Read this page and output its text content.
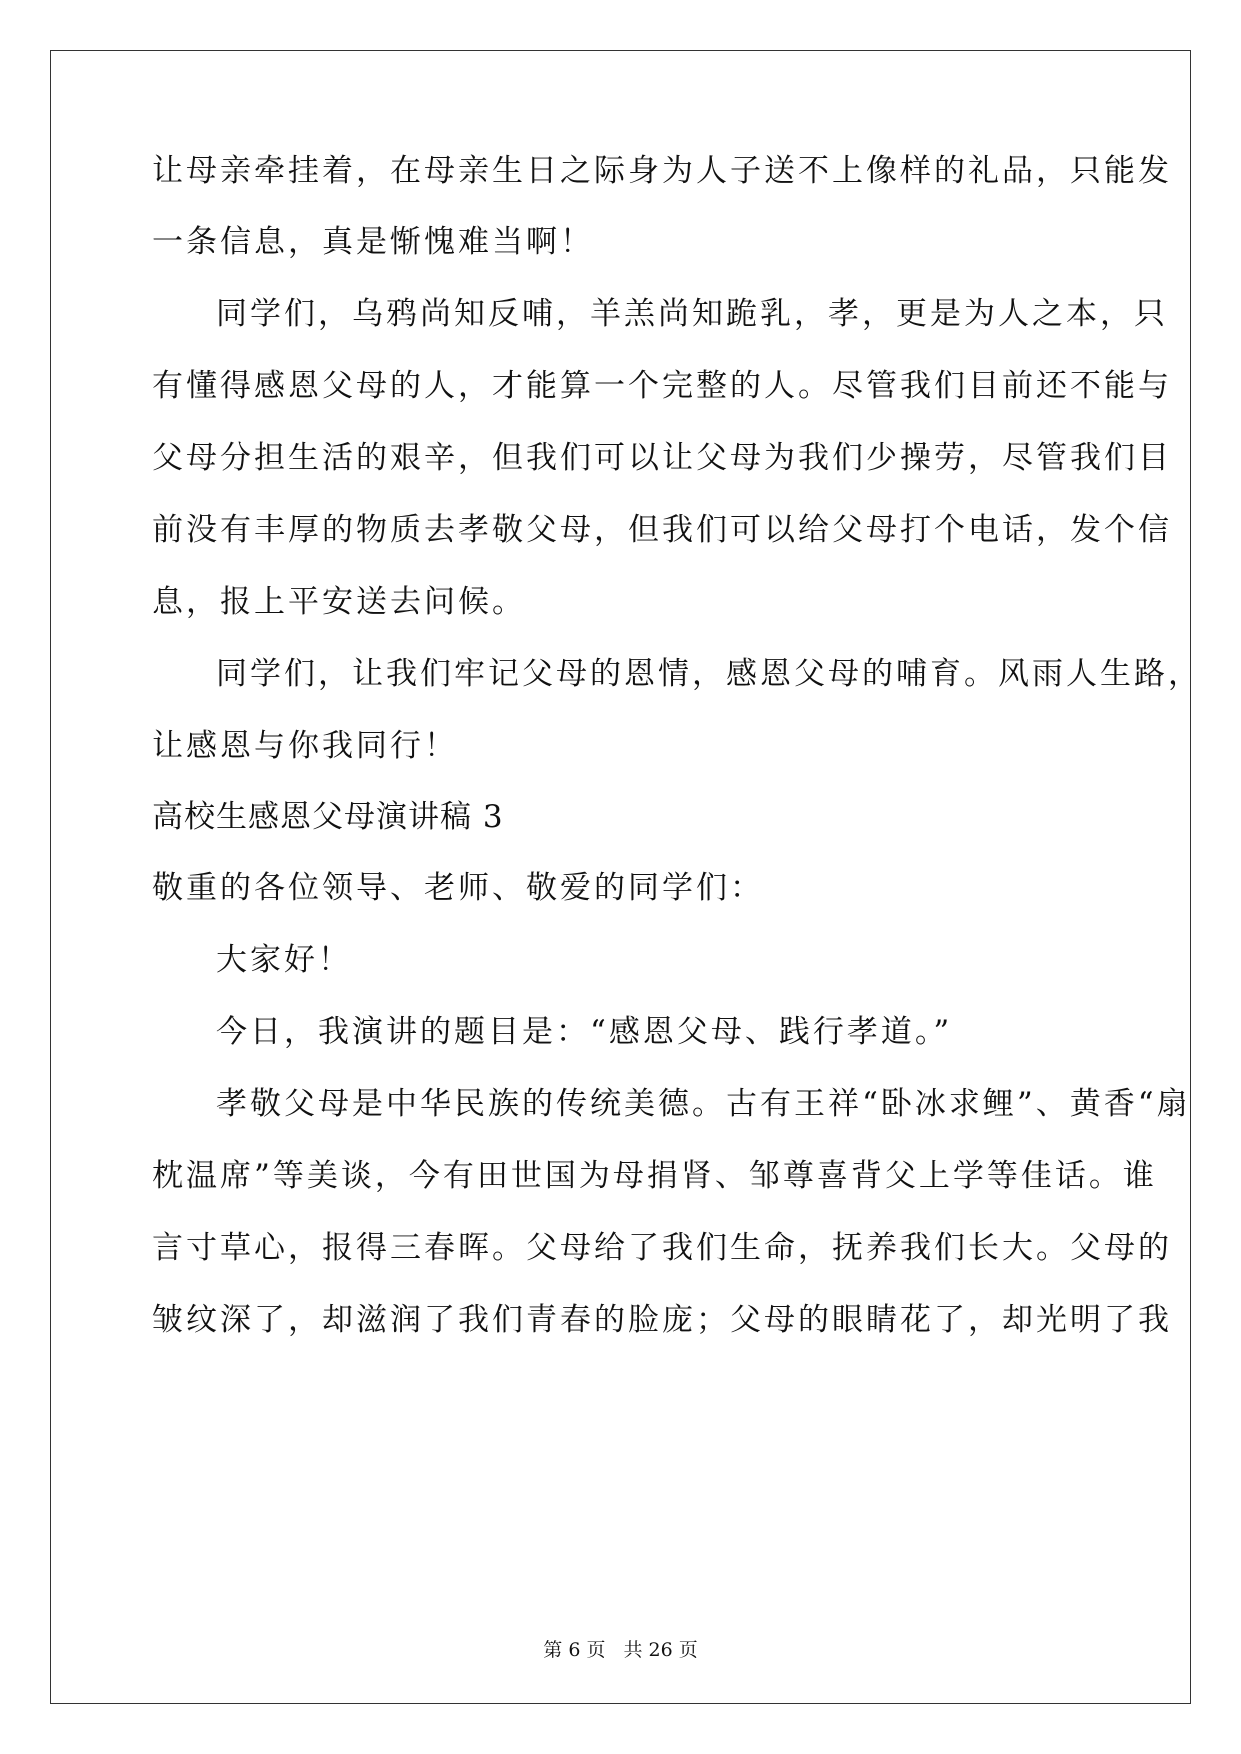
让母亲牵挂着，在母亲生日之际身为人子送不上像样的礼品，只能发
一条信息，真是惭愧难当啊！
同学们，乌鸦尚知反哺，羊羔尚知跪乳，孝，更是为人之本，只
有懂得感恩父母的人，才能算一个完整的人。尽管我们目前还不能与
父母分担生活的艰辛，但我们可以让父母为我们少操劳，尽管我们目
前没有丰厚的物质去孝敬父母，但我们可以给父母打个电话，发个信
息，报上平安送去问候。
同学们，让我们牢记父母的恩情，感恩父母的哺育。风雨人生路，
让感恩与你我同行！
高校生感恩父母演讲稿 3
敬重的各位领导、老师、敬爱的同学们：
大家好！
今日，我演讲的题目是：“感恩父母、践行孝道。”
孝敬父母是中华民族的传统美德。古有王祥“卧冰求鲤”、黄香“扇
枕温席”等美谈，今有田世国为母捐肾、邹尊喜背父上学等佳话。谁
言寸草心，报得三春晖。父母给了我们生命，抚养我们长大。父母的
皱纹深了，却滋润了我们青春的脸庞；父母的眼睛花了，却光明了我
第 6 页 共 26 页
